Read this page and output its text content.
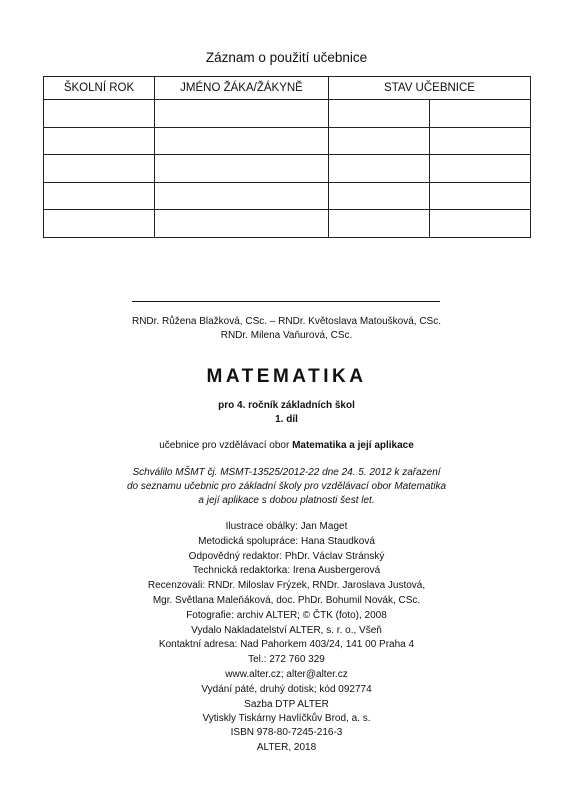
Záznam o použití učebnice
ŠKOLNÍ ROK	JMÉNO ŽÁKA/ŽÁKYNĚ	STAV UČEBNICE	

RNDr. Růžena Blažková, CSc. – RNDr. Květoslava Matoušková, CSc.
RNDr. Milena Vaňurová, CSc.
MATEMATIKA
pro 4. ročník základních škol
1. díl
učebnice pro vzdělávací obor Matematika a její aplikace
Schválilo MŠMT čj. MSMT-13525/2012-22 dne 24. 5. 2012 k zařazení
do seznamu učebnic pro základní školy pro vzdělávací obor Matematika
a její aplikace s dobou platnosti šest let.
Ilustrace obálky: Jan Maget
Metodická spolupráce: Hana Staudková
Odpovědný redaktor: PhDr. Václav Stránský
Technická redaktorka: Irena Ausbergerová
Recenzovali: RNDr. Miloslav Frýzek, RNDr. Jaroslava Justová,
Mgr. Světlana Maleňáková, doc. PhDr. Bohumil Novák, CSc.
Fotografie: archiv ALTER; © ČTK (foto), 2008
Vydalo Nakladatelství ALTER, s. r. o., Všeň
Kontaktní adresa: Nad Pahorkem 403/24, 141 00 Praha 4
Tel.: 272 760 329
www.alter.cz; alter@alter.cz
Vydání páté, druhý dotisk; kód 092774
Sazba DTP ALTER
Vytiskly Tiskárny Havlíčkův Brod, a. s.
ISBN 978-80-7245-216-3
ALTER, 2018
